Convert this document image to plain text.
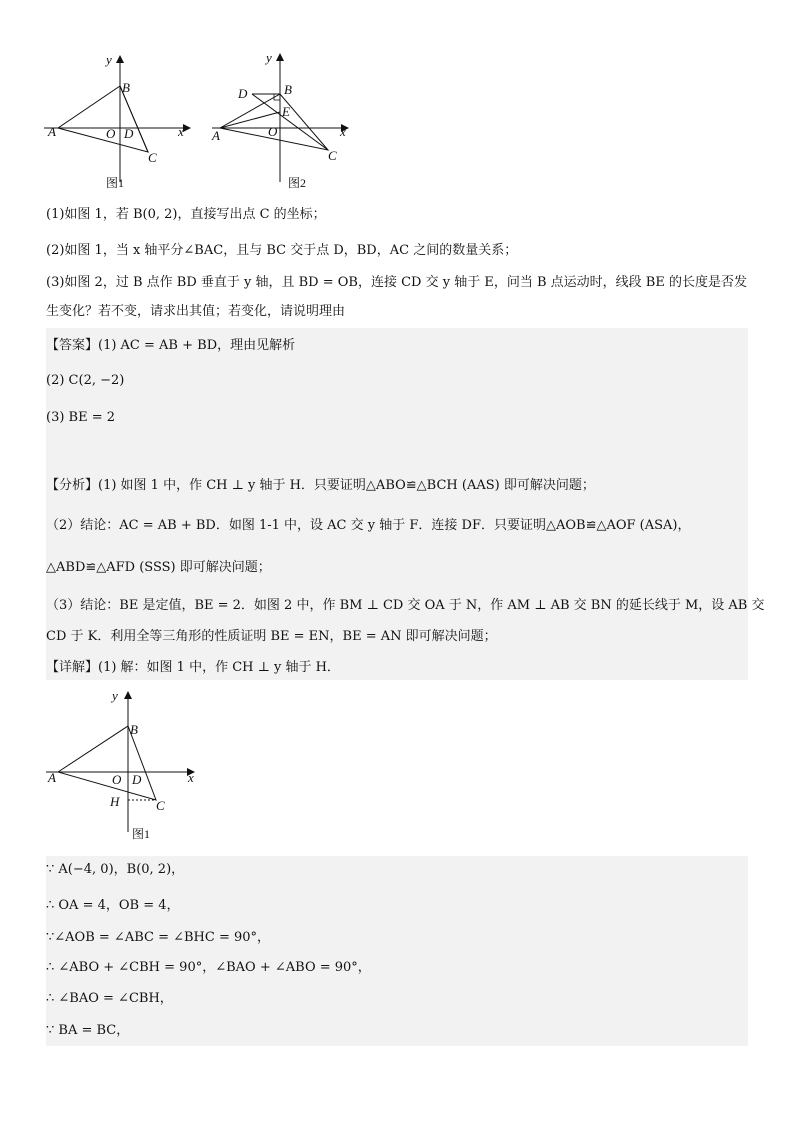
y
x
A
B
O D
C
图1
y
x
A
B
D
E
O
C
图2
(1)如图 1，若 B(0, 2)，直接写出点 C 的坐标；
(2)如图 1，当 x 轴平分∠BAC，且与 BC 交于点 D，BD，AC 之间的数量关系；
(3)如图 2，过 B 点作 BD 垂直于 y 轴，且 BD = OB，连接 CD 交 y 轴于 E，问当 B 点运动时，线段 BE 的长度是否发
生变化？若不变，请求出其值；若变化，请说明理由
【答案】(1) AC = AB + BD，理由见解析
(2) C(2, −2)
(3) BE = 2
【分析】(1) 如图 1 中，作 CH ⊥ y 轴于 H．只要证明△ABO≌△BCH (AAS) 即可解决问题；
（2）结论：AC = AB + BD．如图 1-1 中，设 AC 交 y 轴于 F．连接 DF．只要证明△AOB≌△AOF (ASA)，
△ABD≌△AFD (SSS) 即可解决问题；
（3）结论：BE 是定值，BE = 2．如图 2 中，作 BM ⊥ CD 交 OA 于 N，作 AM ⊥ AB 交 BN 的延长线于 M，设 AB 交
CD 于 K．利用全等三角形的性质证明 BE = EN，BE = AN 即可解决问题；
【详解】(1) 解：如图 1 中，作 CH ⊥ y 轴于 H．
y
x
A
B
O D
H	C
图1
∵ A(−4, 0)，B(0, 2)，
∴ OA = 4，OB = 4，
∵∠AOB = ∠ABC = ∠BHC = 90°，
∴ ∠ABO + ∠CBH = 90°，∠BAO + ∠ABO = 90°，
∴ ∠BAO = ∠CBH，
∵ BA = BC，
